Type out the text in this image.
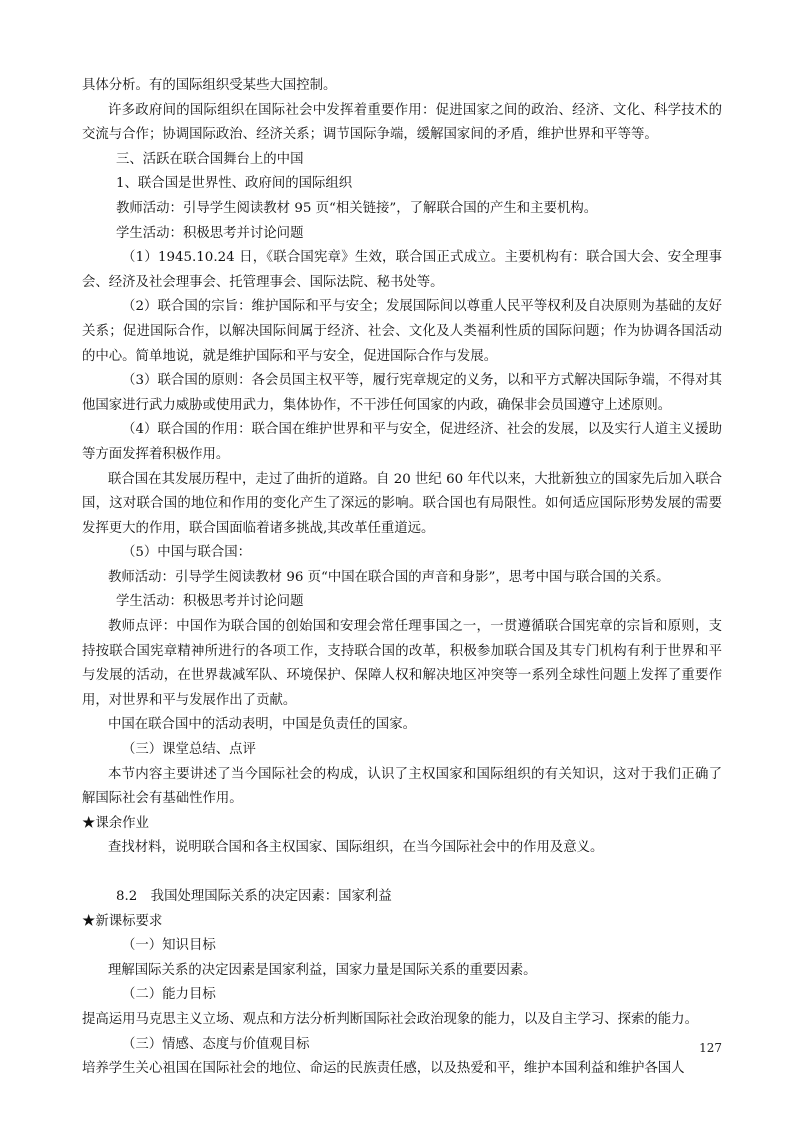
具体分析。有的国际组织受某些大国控制。

许多政府间的国际组织在国际社会中发挥着重要作用：促进国家之间的政治、经济、文化、科学技术的交流与合作；协调国际政治、经济关系；调节国际争端，缓解国家间的矛盾，维护世界和平等等。

三、活跃在联合国舞台上的中国

1、联合国是世界性、政府间的国际组织

教师活动：引导学生阅读教材 95 页“相关链接”，了解联合国的产生和主要机构。

学生活动：积极思考并讨论问题

（1）1945.10.24 日，《联合国宪章》生效，联合国正式成立。主要机构有：联合国大会、安全理事会、经济及社会理事会、托管理事会、国际法院、秘书处等。

（2）联合国的宗旨：维护国际和平与安全；发展国际间以尊重人民平等权利及自决原则为基础的友好关系；促进国际合作，以解决国际间属于经济、社会、文化及人类福利性质的国际问题；作为协调各国活动的中心。简单地说，就是维护国际和平与安全，促进国际合作与发展。

（3）联合国的原则：各会员国主权平等，履行宪章规定的义务，以和平方式解决国际争端，不得对其他国家进行武力威胁或使用武力，集体协作，不干涉任何国家的内政，确保非会员国遵守上述原则。

（4）联合国的作用：联合国在维护世界和平与安全，促进经济、社会的发展，以及实行人道主义援助等方面发挥着积极作用。

联合国在其发展历程中，走过了曲折的道路。自 20 世纪 60 年代以来，大批新独立的国家先后加入联合国，这对联合国的地位和作用的变化产生了深远的影响。联合国也有局限性。如何适应国际形势发展的需要发挥更大的作用，联合国面临着诸多挑战,其改革任重道远。

（5）中国与联合国：

教师活动：引导学生阅读教材 96 页“中国在联合国的声音和身影”，思考中国与联合国的关系。

学生活动：积极思考并讨论问题

教师点评：中国作为联合国的创始国和安理会常任理事国之一，一贯遵循联合国宪章的宗旨和原则，支持按联合国宪章精神所进行的各项工作，支持联合国的改革，积极参加联合国及其专门机构有利于世界和平与发展的活动，在世界裁减军队、环境保护、保障人权和解决地区冲突等一系列全球性问题上发挥了重要作用，对世界和平与发展作出了贡献。

中国在联合国中的活动表明，中国是负责任的国家。

（三）课堂总结、点评

本节内容主要讲述了当今国际社会的构成，认识了主权国家和国际组织的有关知识，这对于我们正确了解国际社会有基础性作用。

★课余作业

查找材料，说明联合国和各主权国家、国际组织，在当今国际社会中的作用及意义。

8.2　我国处理国际关系的决定因素：国家利益

★新课标要求

（一）知识目标

理解国际关系的决定因素是国家利益，国家力量是国际关系的重要因素。

（二）能力目标

提高运用马克思主义立场、观点和方法分析判断国际社会政治现象的能力，以及自主学习、探索的能力。

（三）情感、态度与价值观目标

培养学生关心祖国在国际社会的地位、命运的民族责任感，以及热爱和平，维护本国利益和维护各国人

127
